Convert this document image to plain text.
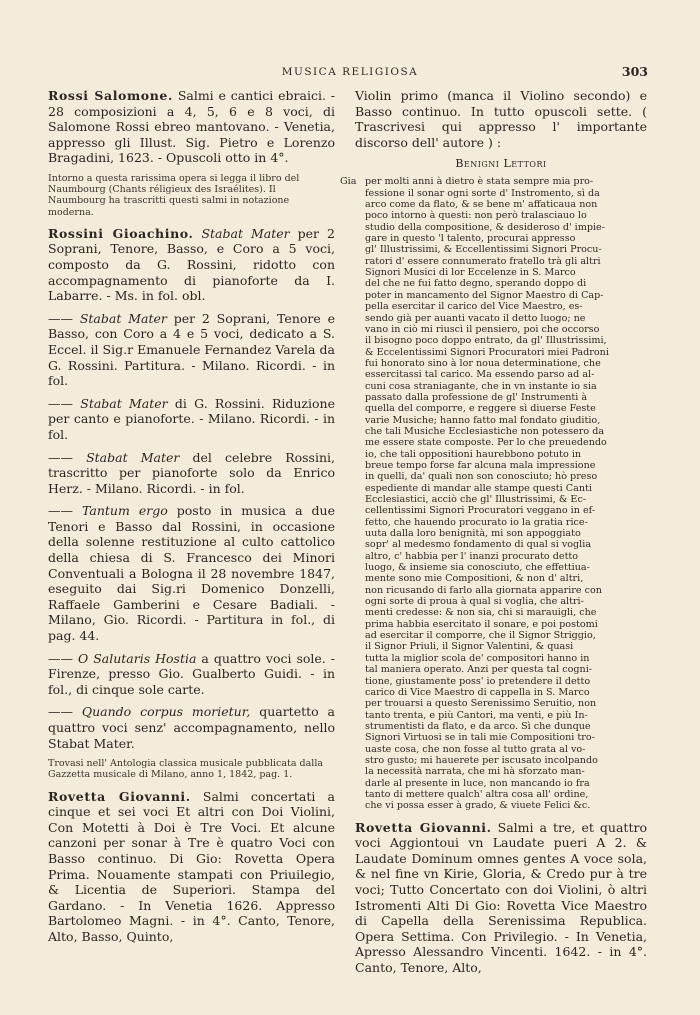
MUSICA RELIGIOSA	303

Rossi Salomone. Salmi e cantici ebraici. - 28 composizioni a 4, 5, 6 e 8 voci, di Salomone Rossi ebreo mantovano. - Venetia, appresso gli Illust. Sig. Pietro e Lorenzo Bragadini, 1623. - Opuscoli otto in 4°.

Intorno a questa rarissima opera si legga il libro del Naumbourg (Chants réligieux des Israélites). Il Naumbourg ha trascritti questi salmi in notazione moderna.

Rossini Gioachino. Stabat Mater per 2 Soprani, Tenore, Basso, e Coro a 5 voci, composto da G. Rossini, ridotto con accompagnamento di pianoforte da I. Labarre. - Ms. in fol. obl.

—— Stabat Mater per 2 Soprani, Tenore e Basso, con Coro a 4 e 5 voci, dedicato a S. Eccel. il Sig.r Emanuele Fernandez Varela da G. Rossini. Partitura. - Milano. Ricordi. - in fol.

—— Stabat Mater di G. Rossini. Riduzione per canto e pianoforte. - Milano. Ricordi. - in fol.

—— Stabat Mater del celebre Rossini, trascritto per pianoforte solo da Enrico Herz. - Milano. Ricordi. - in fol.

—— Tantum ergo posto in musica a due Tenori e Basso dal Rossini, in occasione della solenne restituzione al culto cattolico della chiesa di S. Francesco dei Minori Conventuali a Bologna il 28 novembre 1847, eseguito dai Sig.ri Domenico Donzelli, Raffaele Gamberini e Cesare Badiali. - Milano, Gio. Ricordi. - Partitura in fol., di pag. 44.

—— O Salutaris Hostia a quattro voci sole. - Firenze, presso Gio. Gualberto Guidi. - in fol., di cinque sole carte.

—— Quando corpus morietur, quartetto a quattro voci senz' accompagnamento, nello Stabat Mater.

Trovasi nell' Antologia classica musicale pubblicata dalla Gazzetta musicale di Milano, anno 1, 1842, pag. 1.

Rovetta Giovanni. Salmi concertati a cinque et sei voci Et altri con Doi Violini, Con Motetti à Doi è Tre Voci. Et alcune canzoni per sonar à Tre è quatro Voci con Basso continuo. Di Gio: Rovetta Opera Prima. Nouamente stampati con Priuilegio, & Licentia de Superiori. Stampa del Gardano. - In Venetia 1626. Appresso Bartolomeo Magni. - in 4°. Canto, Tenore, Alto, Basso, Quinto,

Violin primo (manca il Violino secondo) e Basso continuo. In tutto opuscoli sette. ( Trascrivesi qui appresso l' importante discorso dell' autore ) :

Benigni Lettori

Gia per molti anni à dietro è stata sempre mia pro-
fessione il sonar ogni sorte d' Instromento, sì da
arco come da flato, & se bene m' affaticaua non
poco intorno à questi: non però tralasciauo lo
studio della compositione, & desideroso d' impie-
gare in questo 'l talento, procurai appresso
gl' Illustrissimi, & Eccellentissimi Signori Procu-
ratori d' essere connumerato fratello trà gli altri
Signori Musici di lor Eccelenze in S. Marco
del che ne fui fatto degno, sperando doppo di
poter in mancamento del Signor Maestro di Cap-
pella esercitar il carico del Vice Maestro, es-
sendo già per auanti vacato il detto luogo; ne
vano in ciò mi riuscì il pensiero, poi che occorso
il bisogno poco doppo entrato, da gl' Illustrissimi,
& Eccelentissimi Signori Procuratori miei Padroni
fui honorato sino à lor noua determinatione, che
essercitassi tal carico. Ma essendo parso ad al-
cuni cosa straniagante, che in vn instante io sia
passato dalla professione de gl' Instrumenti à
quella del comporre, e reggere sì diuerse Feste
varie Musiche; hanno fatto mal fondato giuditio,
che tali Musiche Ecclesiastiche non potessero da
me essere state composte. Per lo che preuedendo
io, che tali oppositioni haurebbono potuto in
breue tempo forse far alcuna mala impressione
in quelli, da' quali non son conosciuto; hò preso
espediente di mandar alle stampe questi Canti
Ecclesiastici, acciò che gl' Illustrissimi, & Ec-
cellentissimi Signori Procuratori veggano in ef-
fetto, che hauendo procurato io la gratia rice-
uuta dalla loro benignità, mi son appoggiato
sopr' al medesmo fondamento di qual si voglia
altro, c' habbia per l' inanzi procurato detto
luogo, & insieme sia conosciuto, che effettiua-
mente sono mie Compositioni, & non d' altri,
non ricusando di farlo alla giornata apparire con
ogni sorte di proua à qual si voglia, che altri-
menti credesse: & non sia, chi si marauigli, che
prima habbia esercitato il sonare, e poi postomi
ad esercitar il comporre, che il Signor Striggio,
il Signor Priuli, il Signor Valentini, & quasi
tutta la miglior scola de' compositori hanno in
tal maniera operato. Anzi per questa tal cogni-
tione, giustamente poss' io pretendere il detto
carico di Vice Maestro di cappella in S. Marco
per trouarsi a questo Serenissimo Seruitio, non
tanto trenta, e più Cantori, ma venti, e più In-
strumentisti da flato, e da arco. Sì che dunque
Signori Virtuosi se in tali mie Compositioni tro-
uaste cosa, che non fosse al tutto grata al vo-
stro gusto; mi hauerete per iscusato incolpando
la necessità narrata, che mi hà sforzato man-
darle al presente in luce, non mancando io fra
tanto di mettere qualch' altra cosa all' ordine,
che vi possa esser à grado, & viuete Felici &c.

Rovetta Giovanni. Salmi a tre, et quattro voci Aggiontoui vn Laudate pueri A 2. & Laudate Dominum omnes gentes A voce sola, & nel fine vn Kirie, Gloria, & Credo pur à tre voci; Tutto Concertato con doi Violini, ò altri Istromenti Alti Di Gio: Rovetta Vice Maestro di Capella della Serenissima Republica. Opera Settima. Con Privilegio. - In Venetia, Apresso Alessandro Vincenti. 1642. - in 4°. Canto, Tenore, Alto,
